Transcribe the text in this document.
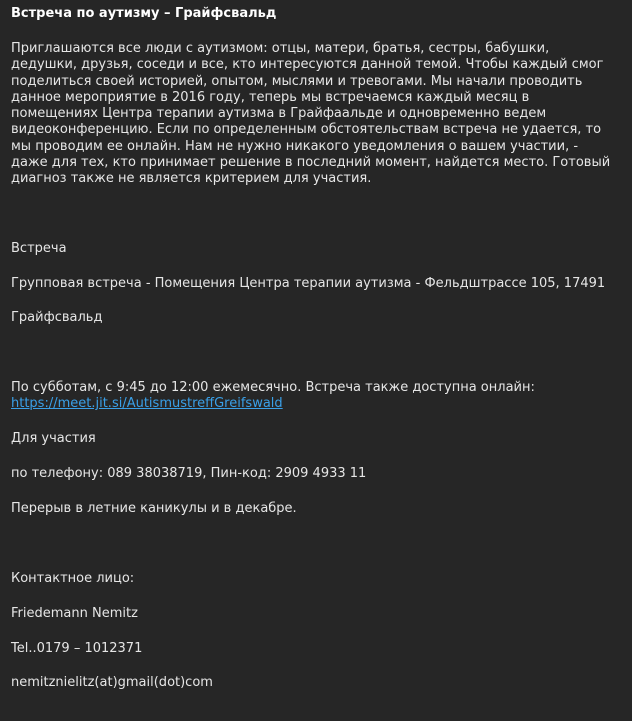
Встреча по аутизму – Грайфсвальд
Приглашаются все люди с аутизмом: отцы, матери, братья, сестры, бабушки, дедушки, друзья, соседи и все, кто интересуются данной темой. Чтобы каждый смог поделиться своей историей, опытом, мыслями и тревогами. Мы начали проводить данное мероприятие в 2016 году, теперь мы встречаемся каждый месяц в помещениях Центра терапии аутизма в Грайфаальде и одновременно ведем видеоконференцию. Если по определенным обстоятельствам встреча не удается, то мы проводим ее онлайн. Нам не нужно никакого уведомления о вашем участии, - даже для тех, кто принимает решение в последний момент, найдется место. Готовый диагноз также не является критерием для участия.
Встреча
Групповая встреча - Помещения Центра терапии аутизма - Фельдштрассе 105, 17491
Грайфсвальд
По субботам, с 9:45 до 12:00 ежемесячно. Встреча также доступна онлайн:
https://meet.jit.si/AutismustreffGreifswald
Для участия
по телефону: 089 38038719, Пин-код: 2909 4933 11
Перерыв в летние каникулы и в декабре.
Контактное лицо:
Friedemann Nemitz
Tel..0179 – 1012371
nemitznielitz(at)gmail(dot)com
